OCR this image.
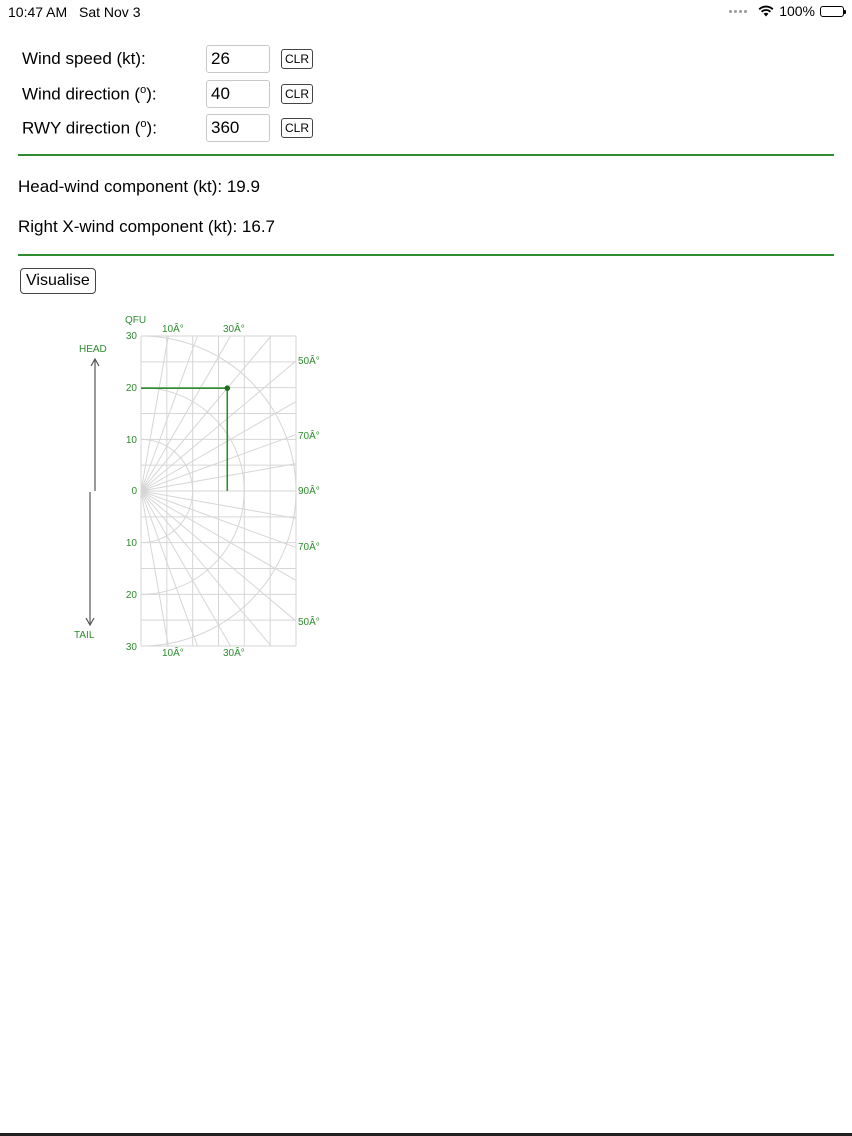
10:47 AM Sat Nov 3	100%
Wind speed (kt):
26	CLR
Wind direction ($^o$):
40	CLR
RWY direction ($^o$):
360	CLR
Head-wind component (kt): 19.9
Right X-wind component (kt): 16.7
Visualise
QFU
HEAD
TAIL
30
20
10
0
10
20
30
10Â°	30Â°
10Â°	30Â°
50Â°
70Â°
90Â°
70Â°
50Â°
